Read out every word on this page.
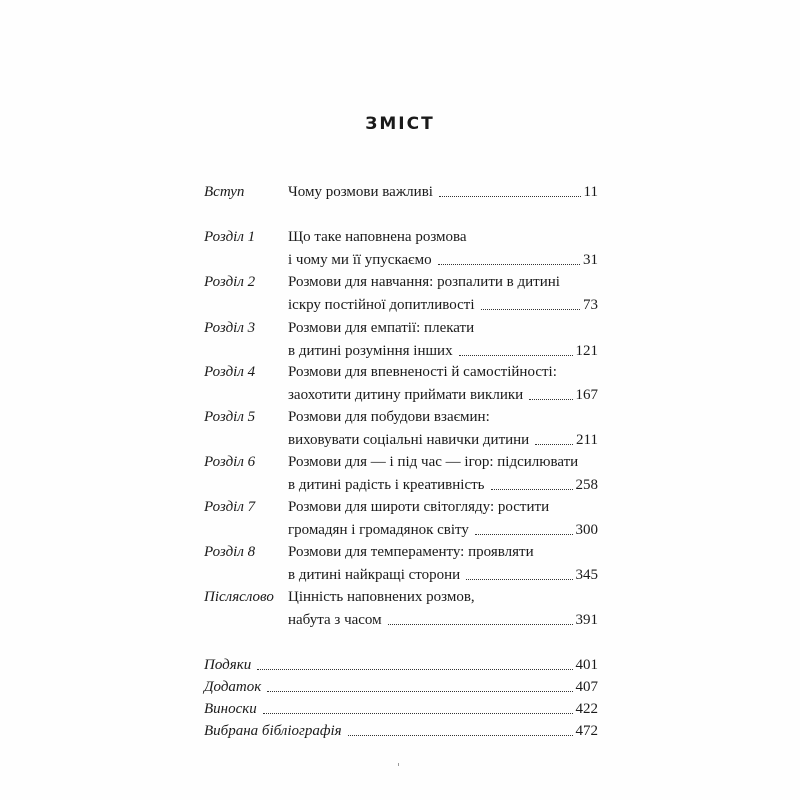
ЗМІСТ
Вступ	Чому розмови важливі	11
Розділ 1 Що таке наповнена розмова
і чому ми її упускаємо	31
Розділ 2 Розмови для навчання: розпалити в дитині
іскру постійної допитливості	73
Розділ 3 Розмови для емпатії: плекати
в дитині розуміння інших	121
Розділ 4 Розмови для впевненості й самостійності:
заохотити дитину приймати виклики	167
Розділ 5 Розмови для побудови взаємин:
виховувати соціальні навички дитини	211
Розділ 6 Розмови для — і під час — ігор: підсилювати
в дитині радість і креативність	258
Розділ 7 Розмови для широти світогляду: ростити
громадян і громадянок світу	300
Розділ 8 Розмови для темпераменту: проявляти
в дитині найкращі сторони	345
Післяслово Цінність наповнених розмов,
набута з часом	391
Подяки	401
Додаток	407
Виноски	422
Вибрана бібліографія	472
